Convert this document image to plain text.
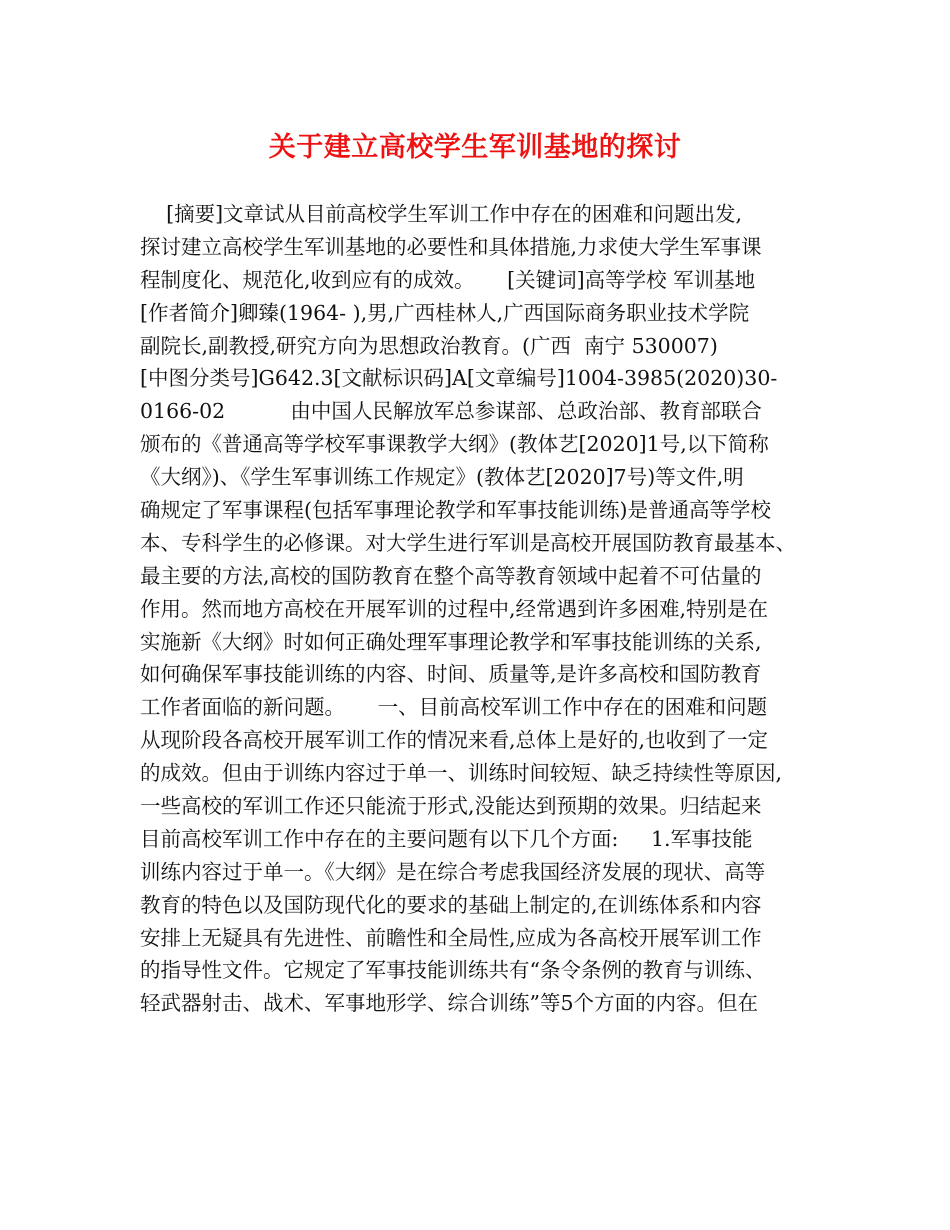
关于建立高校学生军训基地的探讨
[摘要]文章试从目前高校学生军训工作中存在的困难和问题出发,
探讨建立高校学生军训基地的必要性和具体措施,力求使大学生军事课
程制度化、规范化,收到应有的成效。     [关键词]高等学校 军训基地
[作者简介]卿臻(1964- ),男,广西桂林人,广西国际商务职业技术学院
副院长,副教授,研究方向为思想政治教育。(广西  南宁 530007)
[中图分类号]G642.3[文献标识码]A[文章编号]1004-3985(2020)30-
0166-02          由中国人民解放军总参谋部、总政治部、教育部联合
颁布的《普通高等学校军事课教学大纲》(教体艺[2020]1号,以下简称
《大纲》)、《学生军事训练工作规定》(教体艺[2020]7号)等文件,明
确规定了军事课程(包括军事理论教学和军事技能训练)是普通高等学校
本、专科学生的必修课。对大学生进行军训是高校开展国防教育最基本、
最主要的方法,高校的国防教育在整个高等教育领域中起着不可估量的
作用。然而地方高校在开展军训的过程中,经常遇到许多困难,特别是在
实施新《大纲》时如何正确处理军事理论教学和军事技能训练的关系,
如何确保军事技能训练的内容、时间、质量等,是许多高校和国防教育
工作者面临的新问题。     一、目前高校军训工作中存在的困难和问题
从现阶段各高校开展军训工作的情况来看,总体上是好的,也收到了一定
的成效。但由于训练内容过于单一、训练时间较短、缺乏持续性等原因,
一些高校的军训工作还只能流于形式,没能达到预期的效果。归结起来
目前高校军训工作中存在的主要问题有以下几个方面:     1.军事技能
训练内容过于单一。《大纲》是在综合考虑我国经济发展的现状、高等
教育的特色以及国防现代化的要求的基础上制定的,在训练体系和内容
安排上无疑具有先进性、前瞻性和全局性,应成为各高校开展军训工作
的指导性文件。它规定了军事技能训练共有“条令条例的教育与训练、
轻武器射击、战术、军事地形学、综合训练”等5个方面的内容。但在
